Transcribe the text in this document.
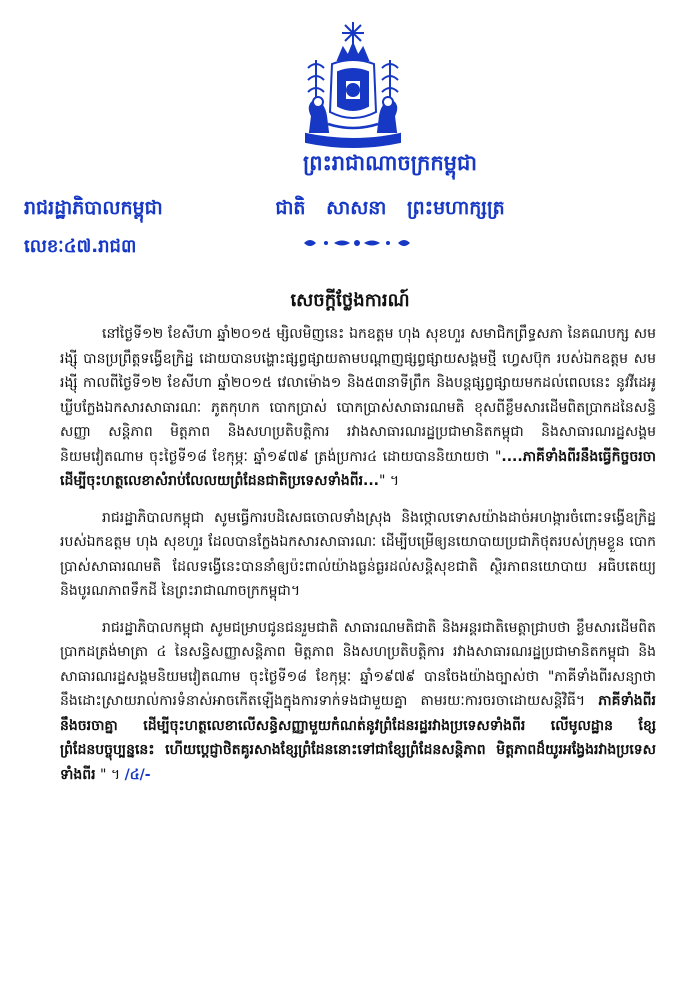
ព្រះរាជាណាចក្រកម្ពុជា
រាជរដ្ឋាភិបាលកម្ពុជា	ជាតិ សាសនា ព្រះមហាក្សត្រ
លេខៈ៤៧.រាជ៣
សេចក្តីថ្លែងការណ៍

នៅថ្ងៃទី១២ ខែសីហា ឆ្នាំ២០១៥ ម្សិលមិញនេះ ឯកឧត្តម ហុង សុខហួរ សមាជិកព្រឹទ្ធសភា នៃគណបក្ស សម រង្ស៊ី បានប្រព្រឹត្តទង្វើឧក្រិដ្ឋ ដោយបានបង្ហោះផ្សព្វផ្សាយតាមបណ្តាញផ្សព្វផ្សាយសង្គមថ្មី ហ្វេសប៊ុក របស់ឯកឧត្តម សម រង្ស៊ី កាលពីថ្ងៃទី១២ ខែសីហា ឆ្នាំ២០១៥ វេលាម៉ោង១ និង៥៣នាទីព្រឹក និងបន្តផ្សព្វផ្សាយមកដល់ពេលនេះ នូវវីដេអូឃ្លីបក្លែងឯកសារសាធារណៈ ភូតកុហក បោកប្រាស់ បោកប្រាស់សាធារណមតិ ខុសពីខ្លឹមសារដើមពិតប្រាកដនៃសន្ធិសញ្ញា សន្តិភាព មិត្តភាព និងសហប្រតិបត្តិការ រវាងសាធារណរដ្ឋប្រជាមានិតកម្ពុជា និងសាធារណរដ្ឋសង្គមនិយមវៀតណាម ចុះថ្ងៃទី១៨ ខែកុម្ភៈ ឆ្នាំ១៩៧៩ ត្រង់ប្រការ៤ ដោយបាននិយាយថា "....ភាគីទាំងពីរនឹងធ្វើកិច្ចចរចា ដើម្បីចុះហត្ថលេខាសំរាប់លែលយព្រំដែនជាតិប្រទេសទាំងពីរ..." ។

រាជរដ្ឋាភិបាលកម្ពុជា សូមធ្វើការបដិសេធចោលទាំងស្រុង និងថ្កោលទោសយ៉ាងដាច់អហង្ការចំពោះទង្វើឧក្រិដ្ឋរបស់ឯកឧត្តម ហុង សុខហួរ ដែលបានក្លែងឯកសារសាធារណៈ ដើម្បីបម្រើឲ្យនយោបាយប្រជាភិថុតរបស់ក្រុមខ្លួន បោកប្រាស់សាធារណមតិ ដែលទង្វើនេះបាននាំឲ្យប៉ះពាល់យ៉ាងធ្ងន់ធ្ងរដល់សន្តិសុខជាតិ ស្ថិរភាពនយោបាយ អធិបតេយ្យ និងបូរណភាពទឹកដី នៃព្រះរាជាណាចក្រកម្ពុជា។

រាជរដ្ឋាភិបាលកម្ពុជា សូមជម្រាបជូនជនរួមជាតិ សាធារណមតិជាតិ និងអន្តរជាតិមេត្តាជ្រាបថា ខ្លឹមសារដើមពិតប្រាកដត្រង់មាត្រា ៤ នៃសន្ធិសញ្ញាសន្តិភាព មិត្តភាព និងសហប្រតិបត្តិការ រវាងសាធារណរដ្ឋប្រជាមានិតកម្ពុជា និងសាធារណរដ្ឋសង្គមនិយមវៀតណាម ចុះថ្ងៃទី១៨ ខែកុម្ភៈ ឆ្នាំ១៩៧៩ បានចែងយ៉ាងច្បាស់ថា "ភាគីទាំងពីរសន្យាថា នឹងដោះស្រាយរាល់ការទំនាស់អាចកើតឡើងក្នុងការទាក់ទងជាមួយគ្នា តាមរយៈការចរចាដោយសន្តិវិធី។ ភាគីទាំងពីរនឹងចរចាគ្នា ដើម្បីចុះហត្ថលេខាលើសន្ធិសញ្ញាមួយកំណត់នូវព្រំដែនរដ្ឋរវាងប្រទេសទាំងពីរ លើមូលដ្ឋាន ខ្សែព្រំដែនបច្ចុប្បន្ននេះ ហើយប្តេជ្ញាថិតគូរសាងខ្សែព្រំដែននោះទៅជាខ្សែព្រំដែនសន្តិភាព មិត្តភាពដ៏យូរអង្វែងរវាងប្រទេសទាំងពីរ " ។ /៤/-
